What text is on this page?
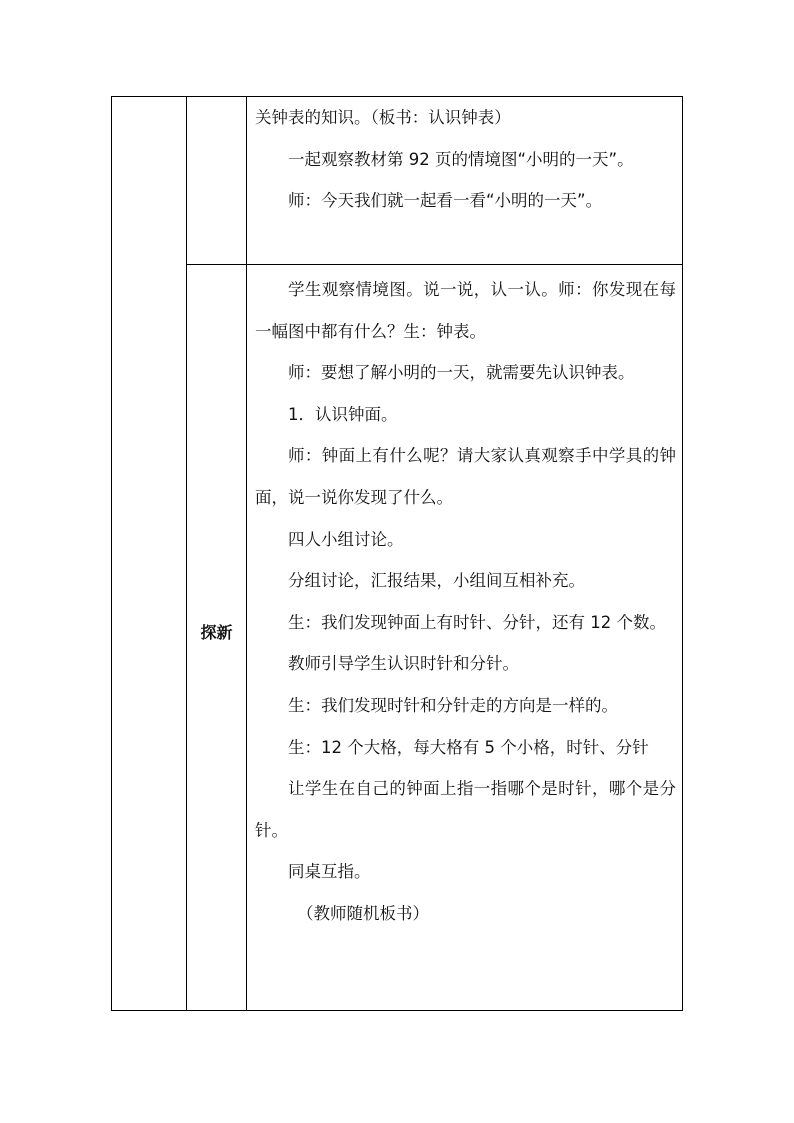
关钟表的知识。（板书：认识钟表）

一起观察教材第 92 页的情境图“小明的一天”。

师：今天我们就一起看一看“小明的一天”。

探新

学生观察情境图。说一说，认一认。师：你发现在每一幅图中都有什么？生：钟表。

师：要想了解小明的一天，就需要先认识钟表。

1．认识钟面。

师：钟面上有什么呢？请大家认真观察手中学具的钟面，说一说你发现了什么。

四人小组讨论。

分组讨论，汇报结果，小组间互相补充。

生：我们发现钟面上有时针、分针，还有 12 个数。

教师引导学生认识时针和分针。

生：我们发现时针和分针走的方向是一样的。

生：12 个大格，每大格有 5 个小格，时针、分针

让学生在自己的钟面上指一指哪个是时针，哪个是分针。

同桌互指。

（教师随机板书）
